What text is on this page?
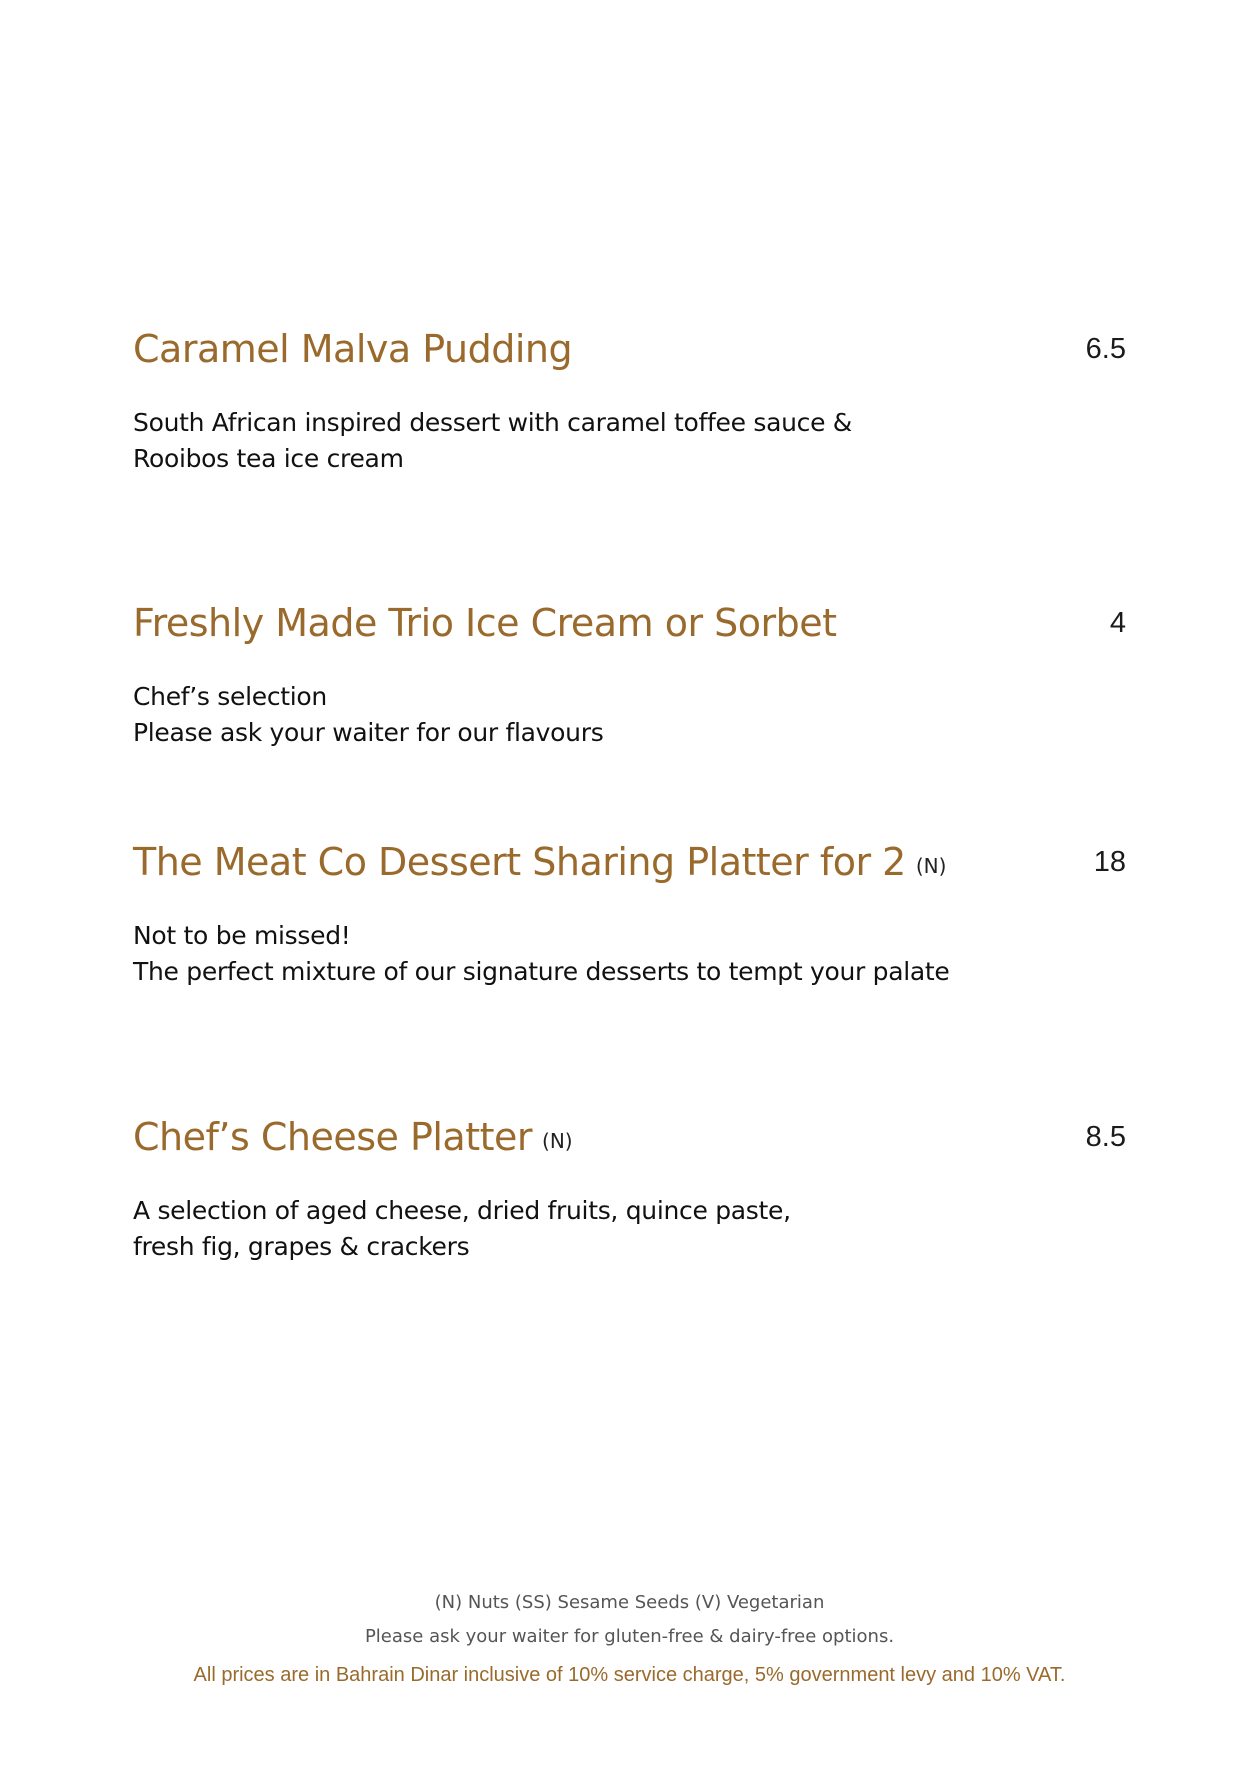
Caramel Malva Pudding	6.5
South African inspired dessert with caramel toffee sauce &
Rooibos tea ice cream
Freshly Made Trio Ice Cream or Sorbet	4
Chef’s selection
Please ask your waiter for our flavours
The Meat Co Dessert Sharing Platter for 2 (N)	18
Not to be missed!
The perfect mixture of our signature desserts to tempt your palate
Chef’s Cheese Platter (N)	8.5
A selection of aged cheese, dried fruits, quince paste,
fresh fig, grapes & crackers
(N) Nuts (SS) Sesame Seeds (V) Vegetarian
Please ask your waiter for gluten-free & dairy-free options.
All prices are in Bahrain Dinar inclusive of 10% service charge, 5% government levy and 10% VAT.
